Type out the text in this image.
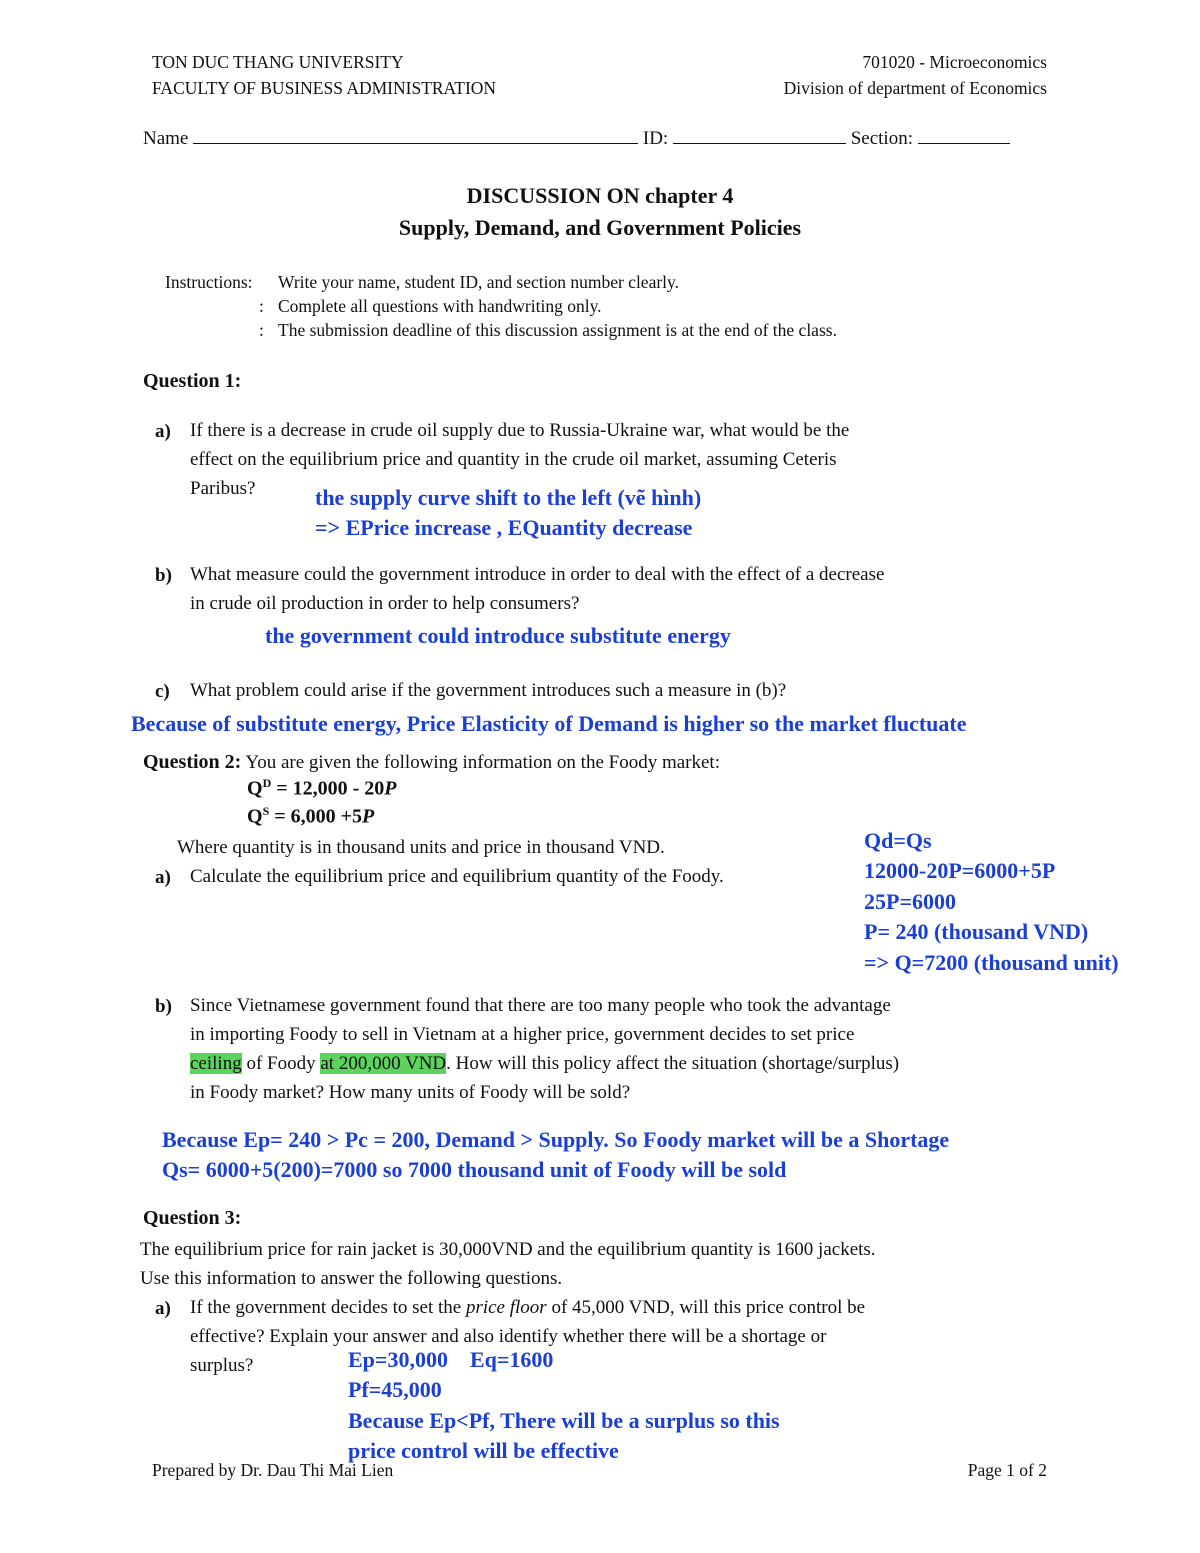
TON DUC THANG UNIVERSITY
FACULTY OF BUSINESS ADMINISTRATION
701020 - Microeconomics
Division of department of Economics
Name	ID:	Section:
DISCUSSION ON chapter 4
Supply, Demand, and Government Policies
Instructions: Write your name, student ID, and section number clearly.
: Complete all questions with handwriting only.
: The submission deadline of this discussion assignment is at the end of the class.
Question 1:
a) If there is a decrease in crude oil supply due to Russia-Ukraine war, what would be the
effect on the equilibrium price and quantity in the crude oil market, assuming Ceteris
Paribus?	the supply curve shift to the left (vẽ hình)
=> EPrice increase , EQuantity decrease
b) What measure could the government introduce in order to deal with the effect of a decrease
in crude oil production in order to help consumers?
the government could introduce substitute energy
c) What problem could arise if the government introduces such a measure in (b)?
Because of substitute energy, Price Elasticity of Demand is higher so the market fluctuate
Question 2: You are given the following information on the Foody market:
$Q^D = 12,000 - 20P$
$Q^S = 6,000 +5P$
Where quantity is in thousand units and price in thousand VND.
a) Calculate the equilibrium price and equilibrium quantity of the Foody.
Qd=Qs
12000-20P=6000+5P
25P=6000
P= 240 (thousand VND)
=> Q=7200 (thousand unit)
b) Since Vietnamese government found that there are too many people who took the advantage
in importing Foody to sell in Vietnam at a higher price, government decides to set price
ceiling of Foody at 200,000 VND. How will this policy affect the situation (shortage/surplus)
in Foody market? How many units of Foody will be sold?
Because Ep= 240 > Pc = 200, Demand > Supply. So Foody market will be a Shortage
Qs= 6000+5(200)=7000 so 7000 thousand unit of Foody will be sold
Question 3:
The equilibrium price for rain jacket is 30,000VND and the equilibrium quantity is 1600 jackets.
Use this information to answer the following questions.
a) If the government decides to set the price floor of 45,000 VND, will this price control be
effective? Explain your answer and also identify whether there will be a shortage or
surplus?	Ep=30,000    Eq=1600
Pf=45,000
Because Ep<Pf, There will be a surplus so this
price control will be effective
Prepared by Dr. Dau Thi Mai Lien	Page 1 of 2
